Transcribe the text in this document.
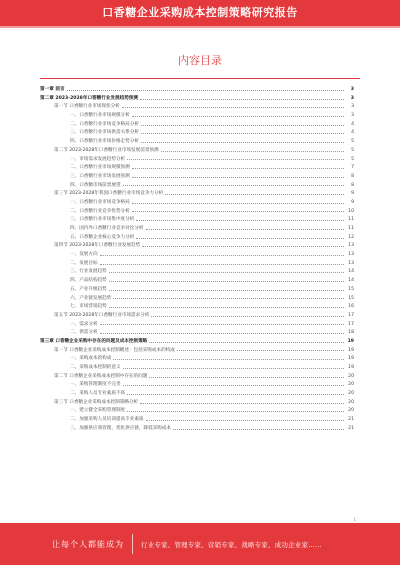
口香糖企业采购成本控制策略研究报告
内容目录
第一章 前言	3
第二章 2023-2028年口香糖行业发展趋势预测	3
第一节 口香糖行业市场现状分析	3
一、口香糖行业市场规模分析	3
二、口香糖行业市场竞争格局分析	4
三、口香糖行业市场供需关系分析	4
四、口香糖行业市场价格走势分析	5
第二节 2023-2028年口香糖行业市场发展前景预测	5
一、市场需求发展趋势分析	5
二、口香糖行业市场规模预测	7
三、口香糖行业市场发展预测	8
四、口香糖市场前景展望	8
第三节 2023-2028年我国口香糖行业市场竞争力分析	9
一、口香糖行业市场竞争格局	9
二、口香糖行业竞争优势分析	10
三、口香糖行业市场集中度分析	11
四、国内外口香糖行业竞争对比分析	11
五、口香糖企业核心竞争力分析	12
第四节 2023-2028年口香糖行业发展趋势	13
一、发展方向	13
二、发展目标	13
三、行业发展趋势	14
四、产品结构趋势	14
五、产业升级趋势	15
六、产业链发展趋势	15
七、市场营销趋势	16
第五节 2023-2028年口香糖行业市场需求分析	17
一、需求分析	17
二、供需分析	18
第三章 口香糖企业采购中存在的问题及成本控制策略	19
第一节 口香糖企业采购成本控制概述：包括采购成本的构成	19
一、采购成本的构成	19
二、采购成本控制的意义	19
第二节 口香糖企业采购成本控制中存在的问题	20
一、采购管理制度不完善	20
二、采购人员专业素质不高	20
第三节 口香糖企业采购成本控制策略分析	20
一、建立健全采购管理制度	20
二、加强采购人员培训提高专业素质	21
三、加强供应商管理，优化供应链，降低采购成本	21
1
让每个人都能成为	行业专家、管理专家、营销专家、战略专家、成功企业家……
